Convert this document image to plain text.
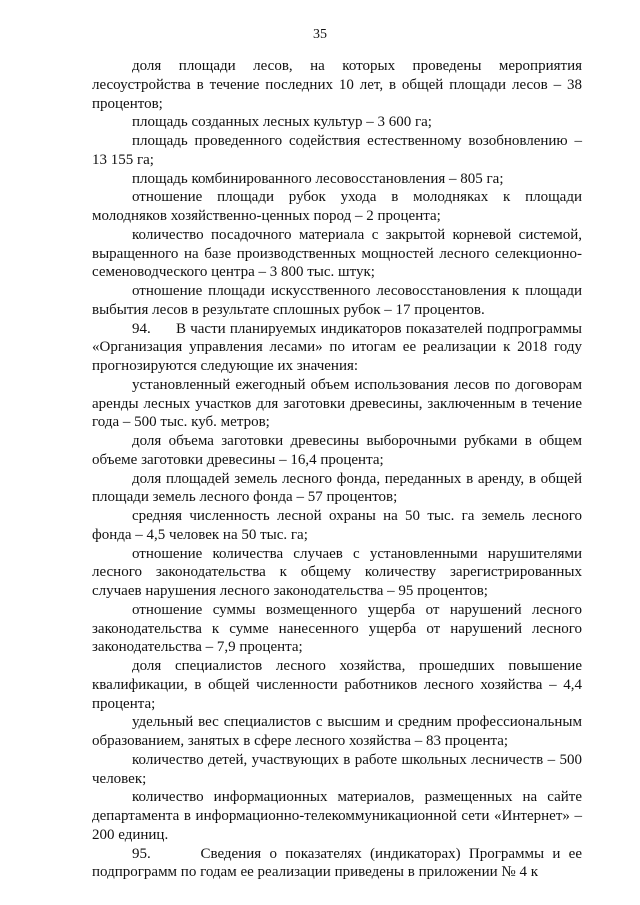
35

доля площади лесов, на которых проведены мероприятия лесоустройства в течение последних 10 лет, в общей площади лесов – 38 процентов;

площадь созданных лесных культур – 3 600 га;

площадь проведенного содействия естественному возобновлению – 13 155 га;

площадь комбинированного лесовосстановления – 805 га;

отношение площади рубок ухода в молодняках к площади молодняков хозяйственно-ценных пород – 2 процента;

количество посадочного материала с закрытой корневой системой, выращенного на базе производственных мощностей лесного селекционно-семеноводческого центра – 3 800 тыс. штук;

отношение площади искусственного лесовосстановления к площади выбытия лесов в результате сплошных рубок – 17 процентов.

94.      В части планируемых индикаторов показателей подпрограммы «Организация управления лесами» по итогам ее реализации к 2018 году прогнозируются следующие их значения:

установленный ежегодный объем использования лесов по договорам аренды лесных участков для заготовки древесины, заключенным в течение года – 500 тыс. куб. метров;

доля объема заготовки древесины выборочными рубками в общем объеме заготовки древесины – 16,4 процента;

доля площадей земель лесного фонда, переданных в аренду, в общей площади земель лесного фонда – 57 процентов;

средняя численность лесной охраны на 50 тыс. га земель лесного фонда – 4,5 человек на 50 тыс. га;

отношение количества случаев с установленными нарушителями лесного законодательства к общему количеству зарегистрированных случаев нарушения лесного законодательства – 95 процентов;

отношение суммы возмещенного ущерба от нарушений лесного законодательства к сумме нанесенного ущерба от нарушений лесного законодательства – 7,9 процента;

доля специалистов лесного хозяйства, прошедших повышение квалификации, в общей численности работников лесного хозяйства – 4,4 процента;

удельный вес специалистов с высшим и средним профессиональным образованием, занятых в сфере лесного хозяйства – 83 процента;

количество детей, участвующих в работе школьных лесничеств – 500 человек;

количество информационных материалов, размещенных на сайте департамента в информационно-телекоммуникационной сети «Интернет» – 200 единиц.

95.      Сведения о показателях (индикаторах) Программы и ее подпрограмм по годам ее реализации приведены в приложении № 4 к
